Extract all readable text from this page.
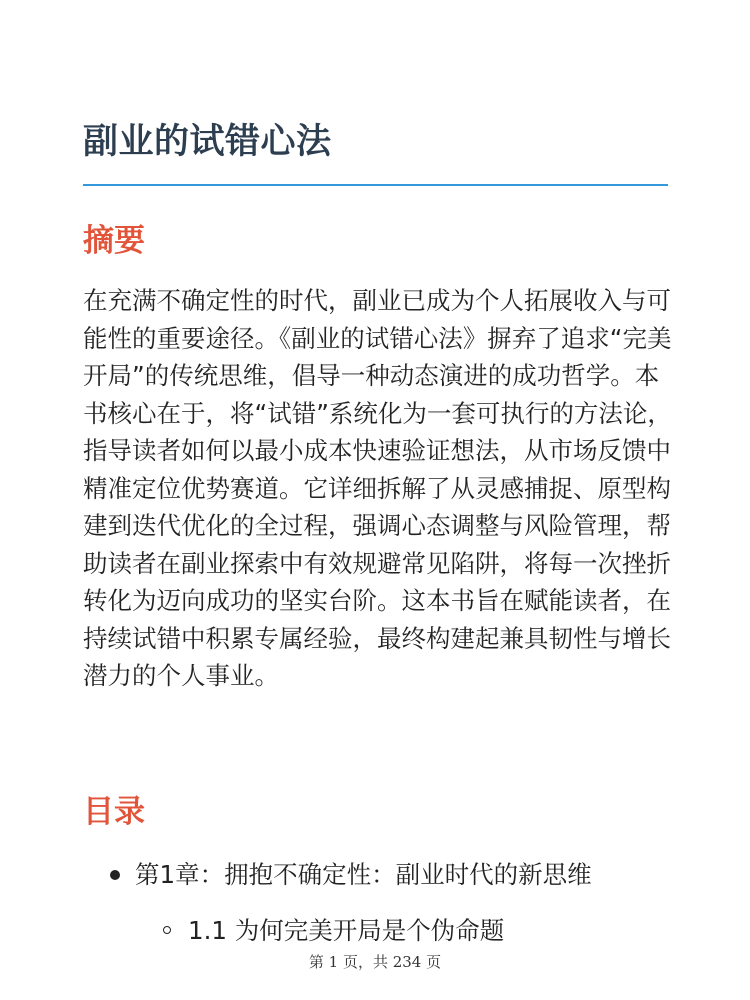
副业的试错心法
摘要

在充满不确定性的时代，副业已成为个人拓展收入与可能性的重要途径。《副业的试错心法》摒弃了追求“完美开局”的传统思维，倡导一种动态演进的成功哲学。本书核心在于，将“试错”系统化为一套可执行的方法论，指导读者如何以最小成本快速验证想法，从市场反馈中精准定位优势赛道。它详细拆解了从灵感捕捉、原型构建到迭代优化的全过程，强调心态调整与风险管理，帮助读者在副业探索中有效规避常见陷阱，将每一次挫折转化为迈向成功的坚实台阶。这本书旨在赋能读者，在持续试错中积累专属经验，最终构建起兼具韧性与增长潜力的个人事业。

目录
第1章：拥抱不确定性：副业时代的新思维
1.1 为何完美开局是个伪命题
第 1 页，共 234 页
